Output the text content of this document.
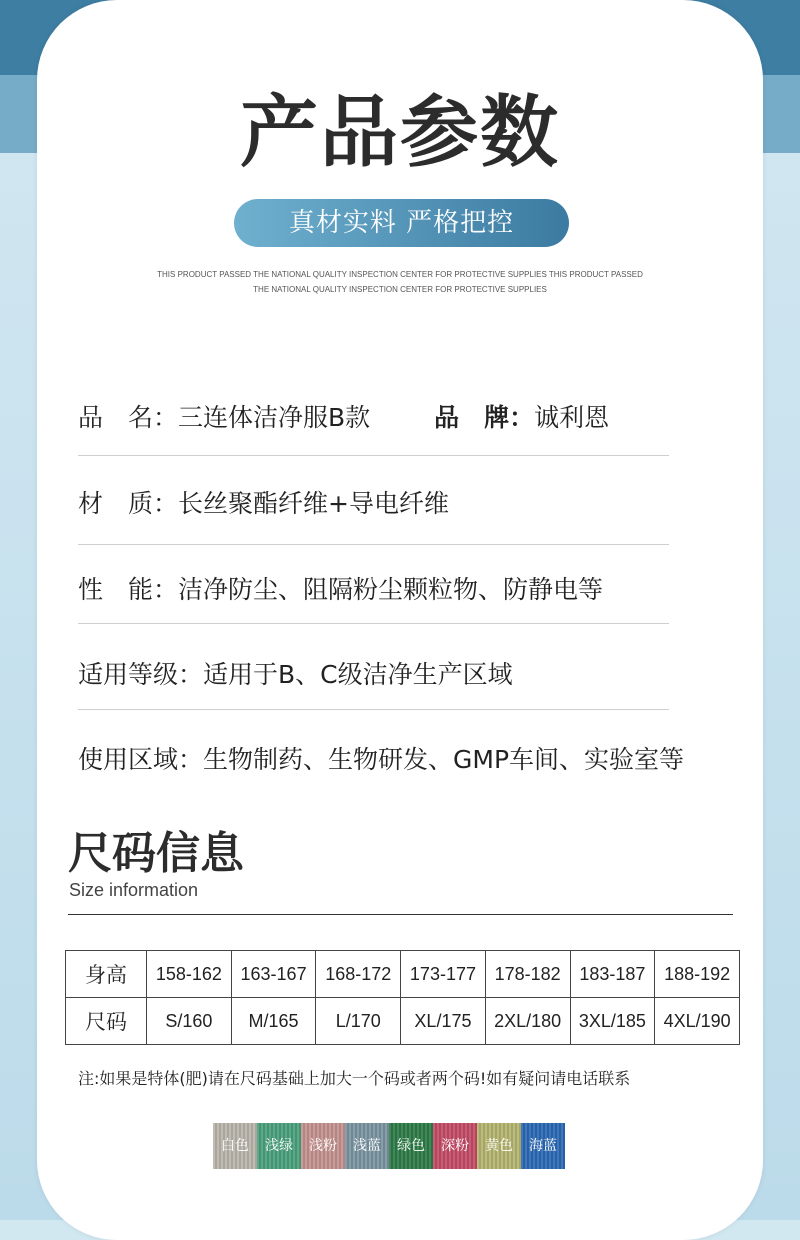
产品参数
真材实料 严格把控
THIS PRODUCT PASSED THE NATIONAL QUALITY INSPECTION CENTER FOR PROTECTIVE SUPPLIES THIS PRODUCT PASSED
THE NATIONAL QUALITY INSPECTION CENTER FOR PROTECTIVE SUPPLIES
品　名：三连体洁净服B款	品　牌：诚利恩
材　质：长丝聚酯纤维+导电纤维
性　能：洁净防尘、阻隔粉尘颗粒物、防静电等
适用等级：适用于B、C级洁净生产区域
使用区域：生物制药、生物研发、GMP车间、实验室等
尺码信息
Size information
身高	158-162	163-167	168-172	173-177	178-182	183-187	188-192
尺码	S/160	M/165	L/170	XL/175	2XL/180	3XL/185	4XL/190
注:如果是特体(肥)请在尺码基础上加大一个码或者两个码!如有疑问请电话联系
白色	浅绿	浅粉	浅蓝	绿色	深粉	黄色	海蓝
